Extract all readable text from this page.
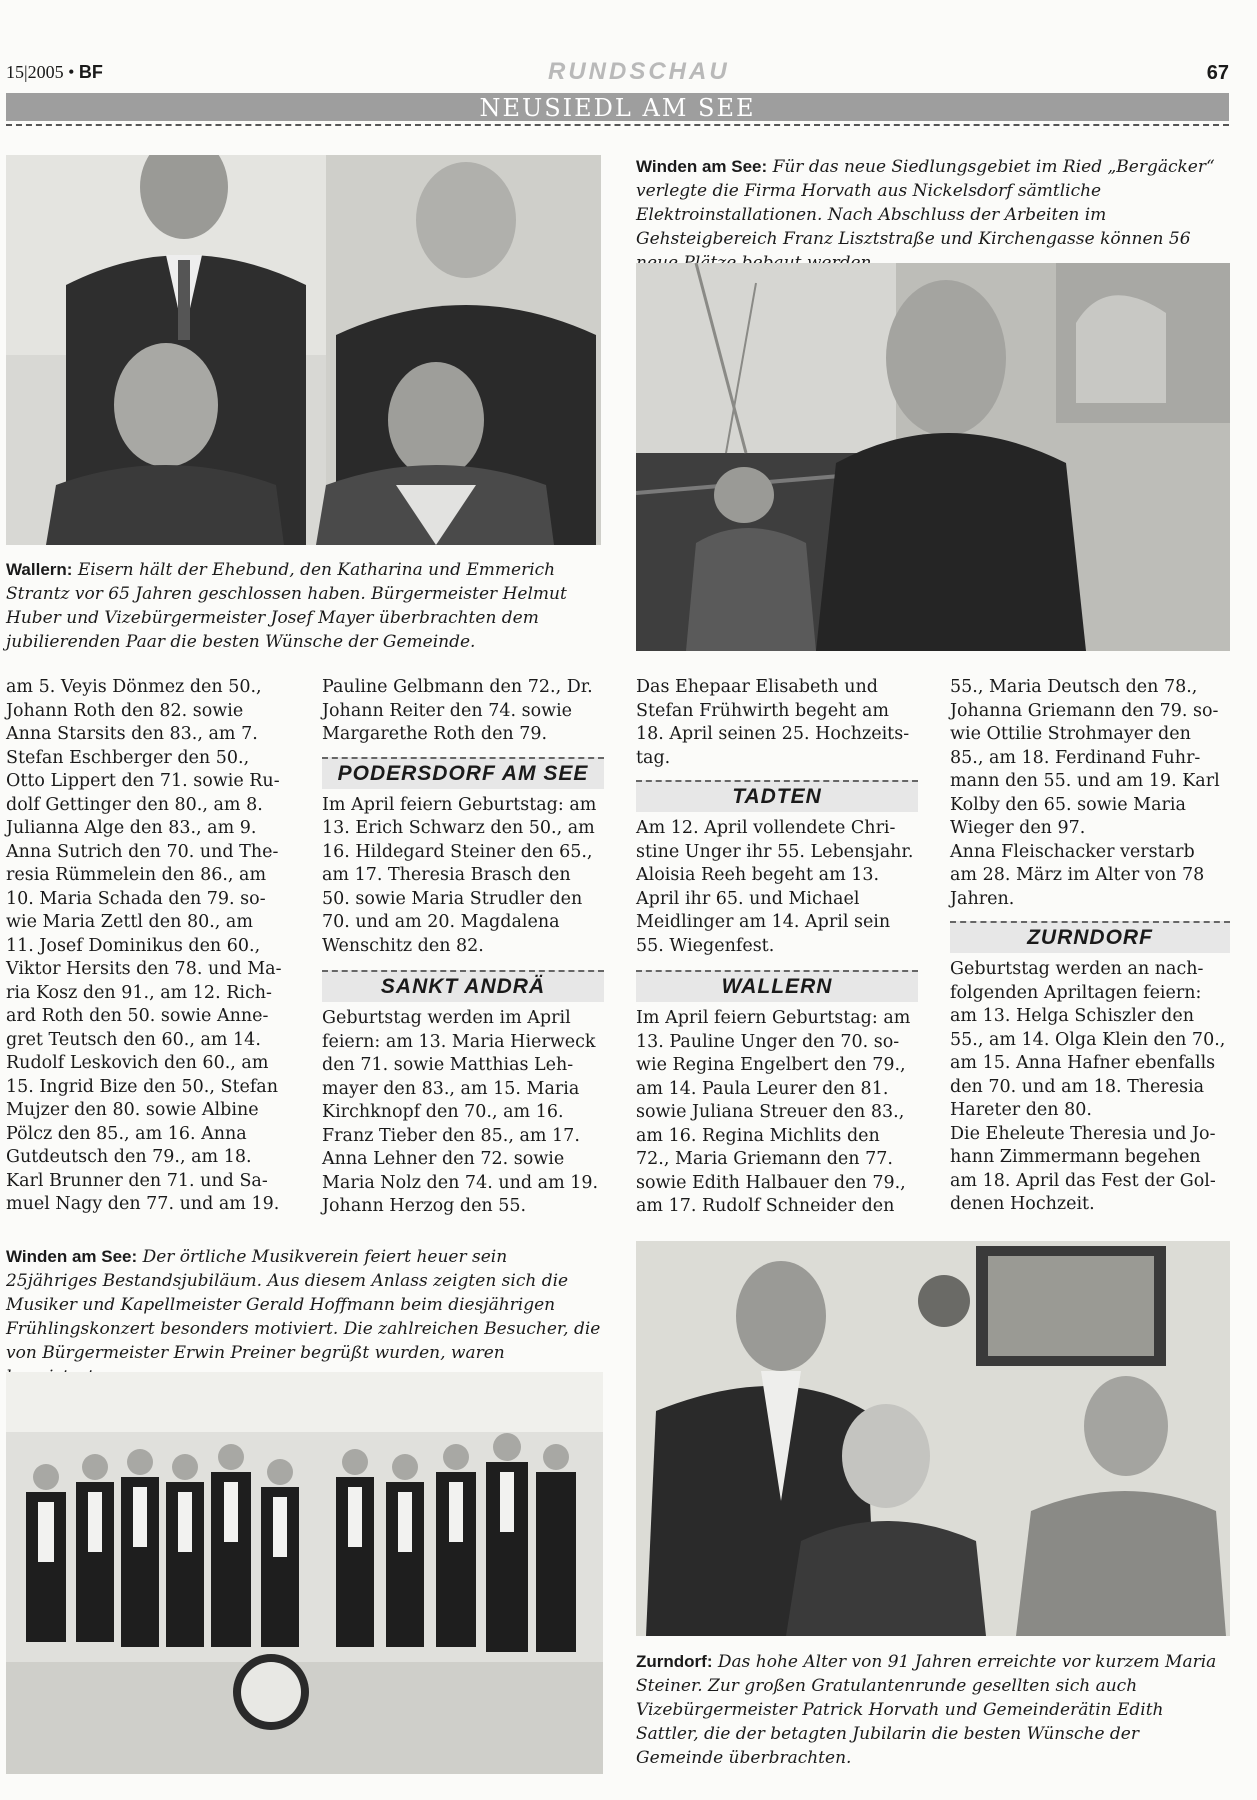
15|2005 • BF	RUNDSCHAU	67
NEUSIEDL AM SEE
Winden am See: Für das neue Siedlungsgebiet im Ried „Bergäcker“ verlegte die Firma Horvath aus Nickelsdorf sämtliche Elektroinstallationen. Nach Abschluss der Arbeiten im Gehsteigbereich Franz Lisztstraße und Kirchengasse können 56
Wallern: Eisern hält der Ehebund, den Katharina und Emmerich Strantz vor 65 Jahren geschlossen haben. Bürgermeister Helmut Huber und Vizebürgermeister Josef Mayer überbrachten dem jubilierenden Paar die besten Wünsche der Gemeinde.
am 5. Veyis Dönmez den 50.,
Johann Roth den 82. sowie
Anna Starsits den 83., am 7.
Stefan Eschberger den 50.,
Otto Lippert den 71. sowie Ru-
dolf Gettinger den 80., am 8.
Julianna Alge den 83., am 9.
Anna Sutrich den 70. und The-
resia Rümmelein den 86., am
10. Maria Schada den 79. so-
wie Maria Zettl den 80., am
11. Josef Dominikus den 60.,
Viktor Hersits den 78. und Ma-
ria Kosz den 91., am 12. Rich-
ard Roth den 50. sowie Anne-
gret Teutsch den 60., am 14.
Rudolf Leskovich den 60., am
15. Ingrid Bize den 50., Stefan
Mujzer den 80. sowie Albine
Pölcz den 85., am 16. Anna
Gutdeutsch den 79., am 18.
Karl Brunner den 71. und Sa-
muel Nagy den 77. und am 19.
Pauline Gelbmann den 72., Dr.
Johann Reiter den 74. sowie
Margarethe Roth den 79.
PODERSDORF AM SEE
Im April feiern Geburtstag: am
13. Erich Schwarz den 50., am
16. Hildegard Steiner den 65.,
am 17. Theresia Brasch den
50. sowie Maria Strudler den
70. und am 20. Magdalena
Wenschitz den 82.
SANKT ANDRÄ
Geburtstag werden im April
feiern: am 13. Maria Hierweck
den 71. sowie Matthias Leh-
mayer den 83., am 15. Maria
Kirchknopf den 70., am 16.
Franz Tieber den 85., am 17.
Anna Lehner den 72. sowie
Maria Nolz den 74. und am 19.
Johann Herzog den 55.
Das Ehepaar Elisabeth und
Stefan Frühwirth begeht am
18. April seinen 25. Hochzeits-
tag.
TADTEN
Am 12. April vollendete Chri-
stine Unger ihr 55. Lebensjahr.
Aloisia Reeh begeht am 13.
April ihr 65. und Michael
Meidlinger am 14. April sein
55. Wiegenfest.
WALLERN
Im April feiern Geburtstag: am
13. Pauline Unger den 70. so-
wie Regina Engelbert den 79.,
am 14. Paula Leurer den 81.
sowie Juliana Streuer den 83.,
am 16. Regina Michlits den
72., Maria Griemann den 77.
sowie Edith Halbauer den 79.,
am 17. Rudolf Schneider den
55., Maria Deutsch den 78.,
Johanna Griemann den 79. so-
wie Ottilie Strohmayer den
85., am 18. Ferdinand Fuhr-
mann den 55. und am 19. Karl
Kolby den 65. sowie Maria
Wieger den 97.
Anna Fleischacker verstarb
am 28. März im Alter von 78
Jahren.
ZURNDORF
Geburtstag werden an nach-
folgenden Apriltagen feiern:
am 13. Helga Schiszler den
55., am 14. Olga Klein den 70.,
am 15. Anna Hafner ebenfalls
den 70. und am 18. Theresia
Hareter den 80.
Die Eheleute Theresia und Jo-
hann Zimmermann begehen
am 18. April das Fest der Gol-
denen Hochzeit.
Winden am See: Der örtliche Musikverein feiert heuer sein 25jähriges Bestandsjubiläum. Aus diesem Anlass zeigten sich die Musiker und Kapellmeister Gerald Hoffmann beim diesjährigen Frühlingskonzert besonders motiviert. Die zahlreichen Besucher, die von Bürgermeister Erwin Preiner begrüßt wurden, waren
Zurndorf: Das hohe Alter von 91 Jahren erreichte vor kurzem Maria Steiner. Zur großen Gratulantenrunde gesellten sich auch Vizebürgermeister Patrick Horvath und Gemeinderätin Edith Sattler, die der betagten Jubilarin die besten Wünsche der Gemeinde überbrachten.
